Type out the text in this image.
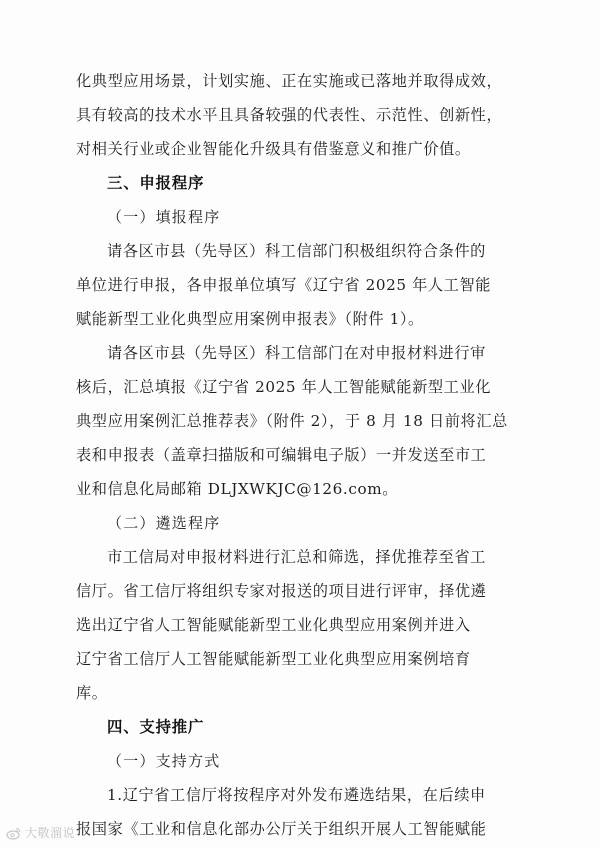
化典型应用场景，计划实施、正在实施或已落地并取得成效，
具有较高的技术水平且具备较强的代表性、示范性、创新性，
对相关行业或企业智能化升级具有借鉴意义和推广价值。
三、申报程序
（一）填报程序
请各区市县（先导区）科工信部门积极组织符合条件的
单位进行申报，各申报单位填写《辽宁省 2025 年人工智能
赋能新型工业化典型应用案例申报表》（附件 1）。
请各区市县（先导区）科工信部门在对申报材料进行审
核后，汇总填报《辽宁省 2025 年人工智能赋能新型工业化
典型应用案例汇总推荐表》（附件 2），于 8 月 18 日前将汇总
表和申报表（盖章扫描版和可编辑电子版）一并发送至市工
业和信息化局邮箱 DLJXWKJC@126.com。
（二）遴选程序
市工信局对申报材料进行汇总和筛选，择优推荐至省工
信厅。省工信厅将组织专家对报送的项目进行评审，择优遴
选出辽宁省人工智能赋能新型工业化典型应用案例并进入
辽宁省工信厅人工智能赋能新型工业化典型应用案例培育
库。
四、支持推广
（一）支持方式
1.辽宁省工信厅将按程序对外发布遴选结果，在后续申
报国家《工业和信息化部办公厅关于组织开展人工智能赋能
大敬溜说
